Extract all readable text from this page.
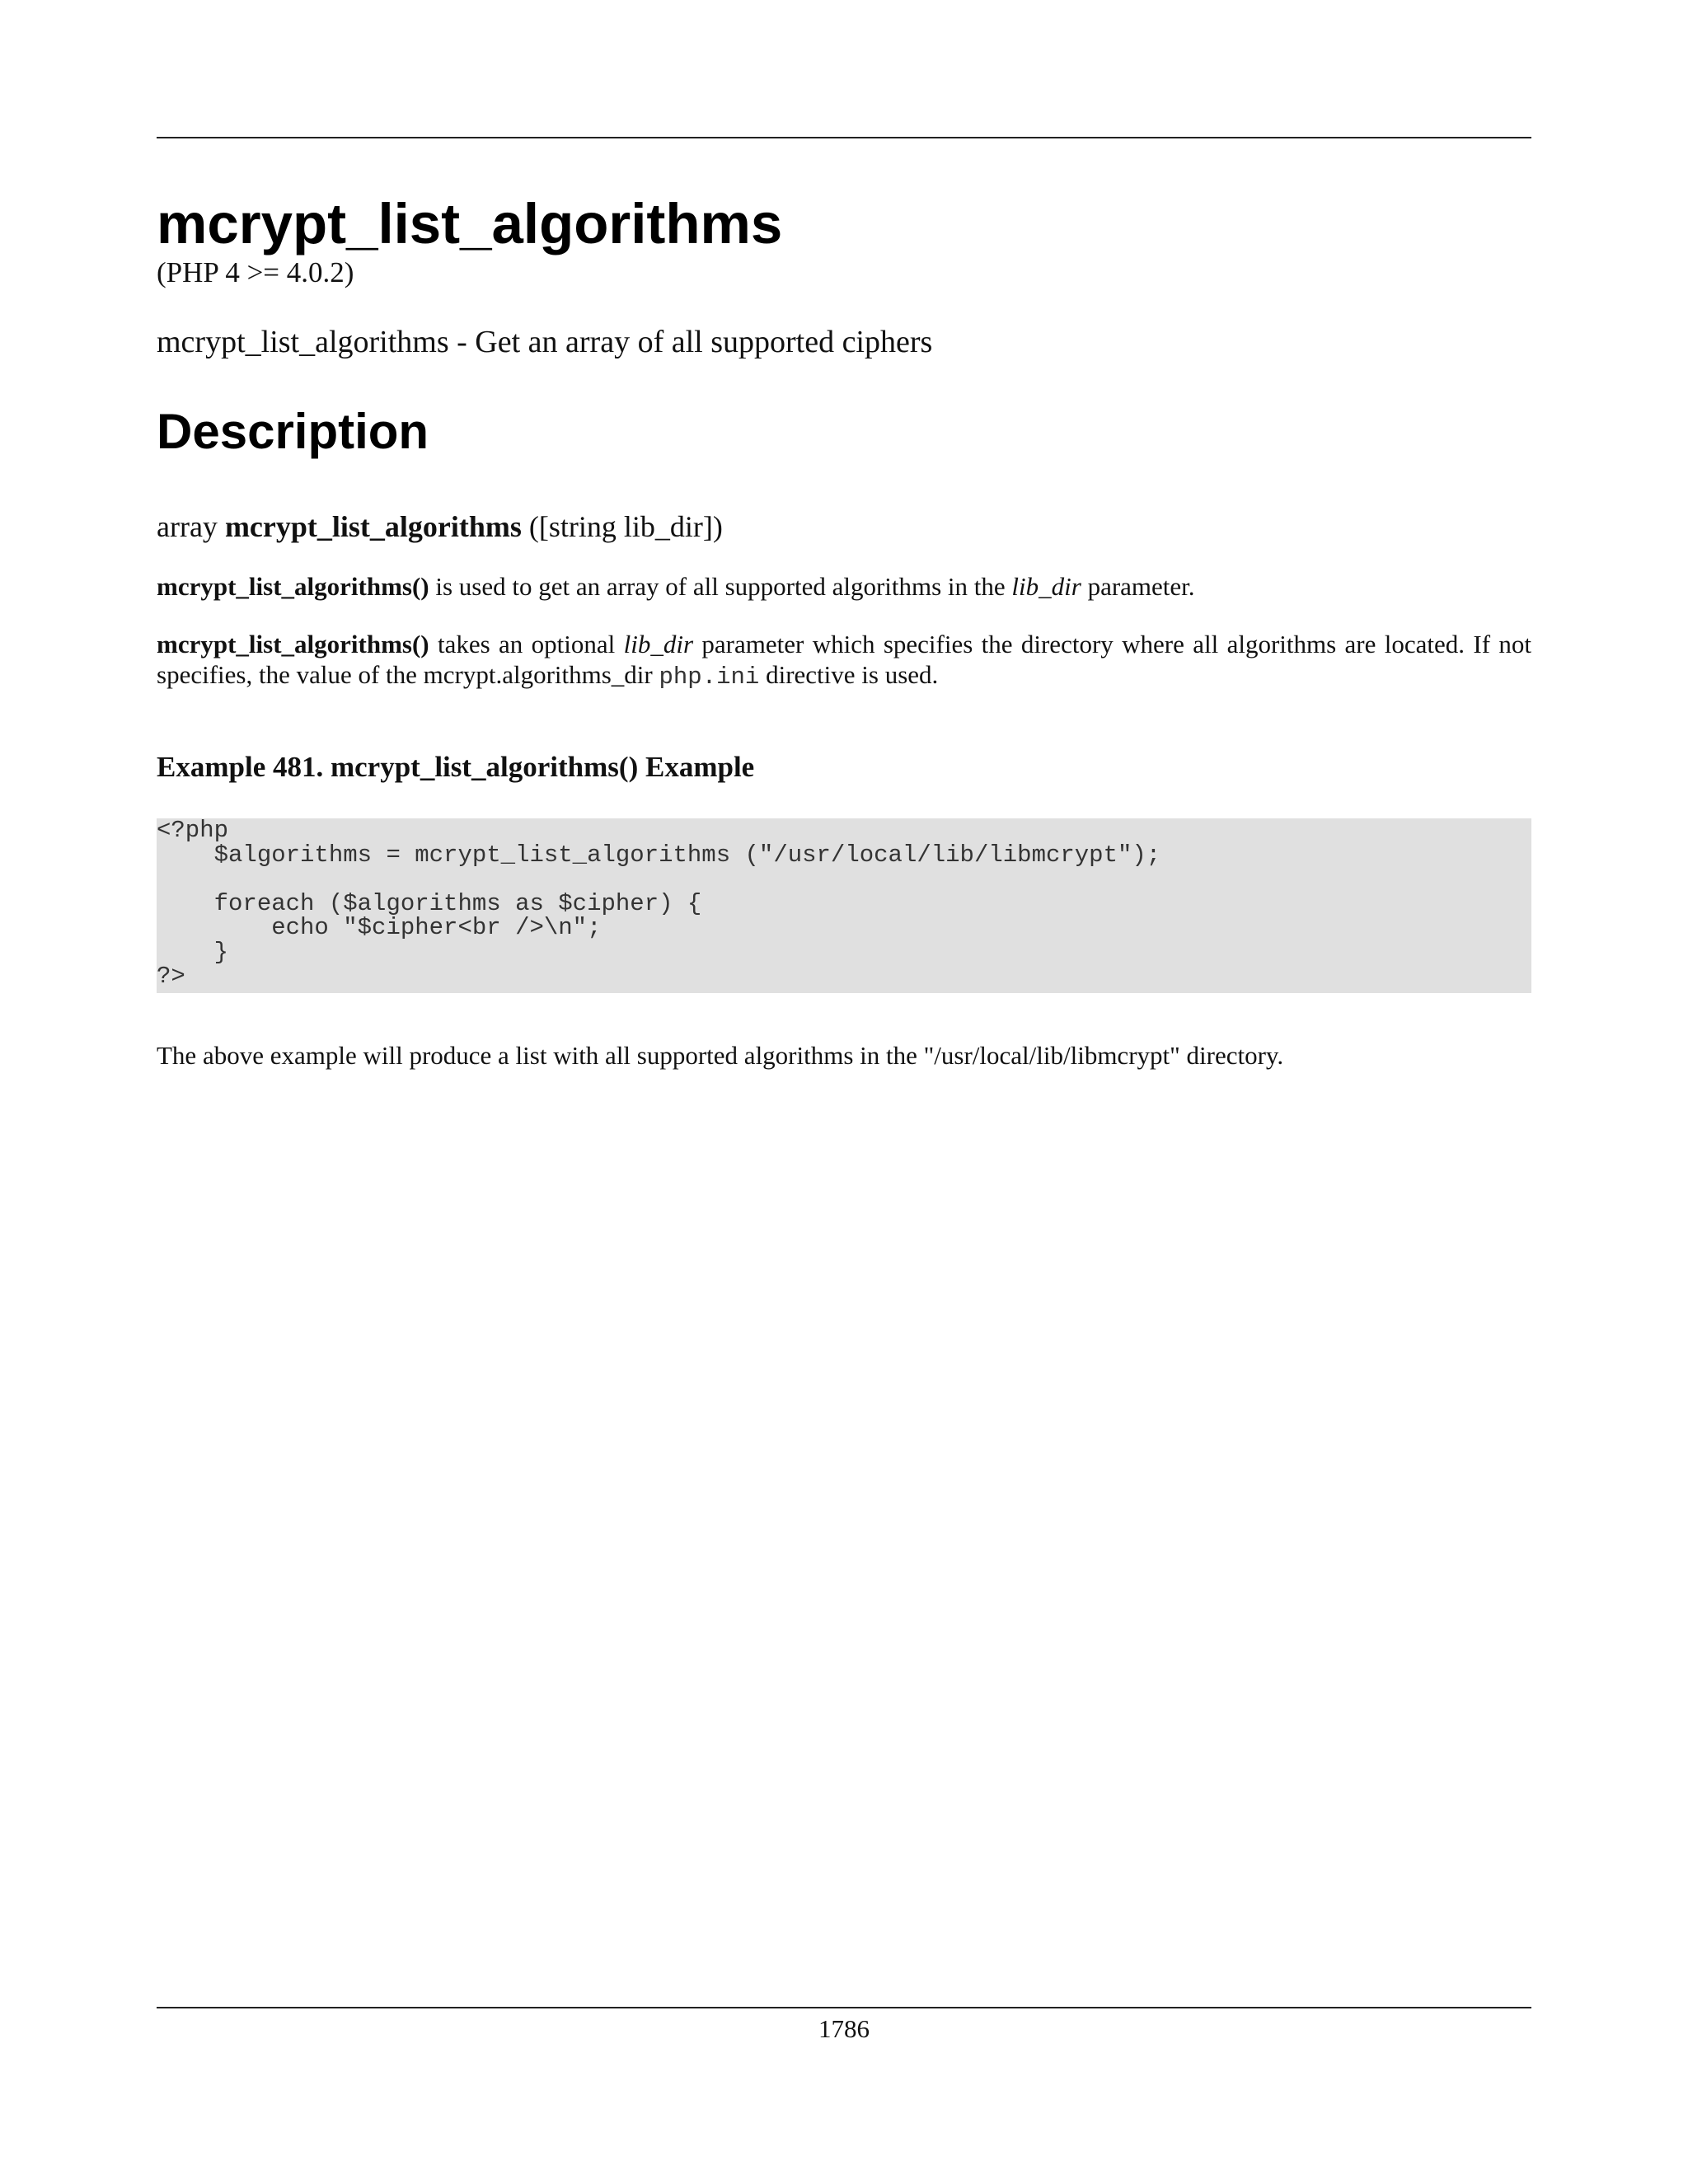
mcrypt_list_algorithms
(PHP 4 >= 4.0.2)
mcrypt_list_algorithms - Get an array of all supported ciphers
Description
array mcrypt_list_algorithms ([string lib_dir])
mcrypt_list_algorithms() is used to get an array of all supported algorithms in the lib_dir parameter.
mcrypt_list_algorithms() takes an optional lib_dir parameter which specifies the directory where all algorithms are located. If not specifies, the value of the mcrypt.algorithms_dir php.ini directive is used.
Example 481. mcrypt_list_algorithms() Example
<?php
$algorithms = mcrypt_list_algorithms ("/usr/local/lib/libmcrypt");

foreach ($algorithms as $cipher) {
echo "$cipher<br />\n";
}
?>
The above example will produce a list with all supported algorithms in the "/usr/local/lib/libmcrypt" directory.
1786
